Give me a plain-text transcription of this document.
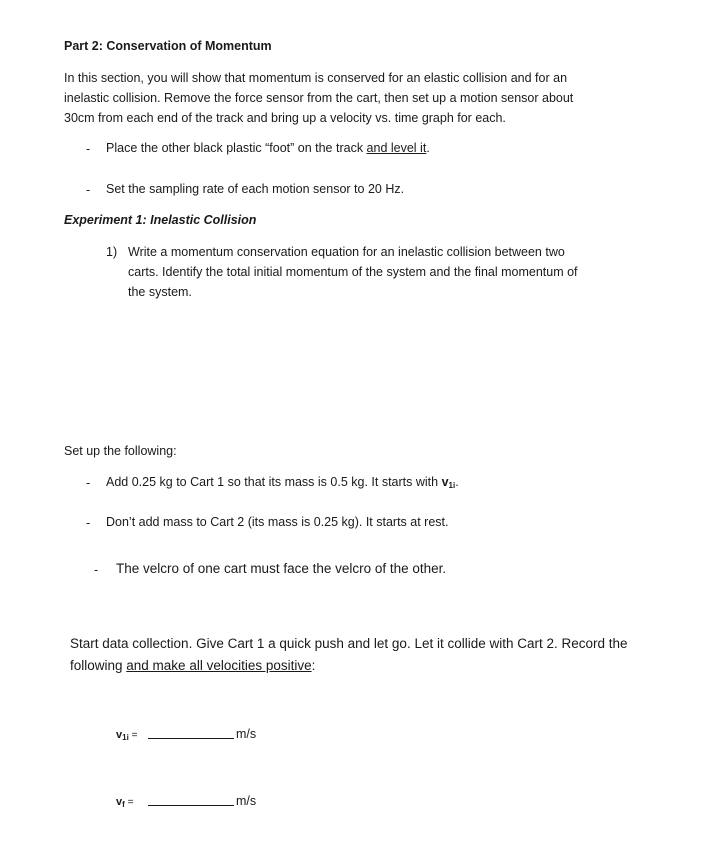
Part 2: Conservation of Momentum
In this section, you will show that momentum is conserved for an elastic collision and for an
inelastic collision. Remove the force sensor from the cart, then set up a motion sensor about
30cm from each end of the track and bring up a velocity vs. time graph for each.
- Place the other black plastic “foot” on the track and level it.
- Set the sampling rate of each motion sensor to 20 Hz.
Experiment 1: Inelastic Collision
1) Write a momentum conservation equation for an inelastic collision between two
carts. Identify the total initial momentum of the system and the final momentum of
the system.
Set up the following:
- Add 0.25 kg to Cart 1 so that its mass is 0.5 kg. It starts with $v_{1i}$.
- Don’t add mass to Cart 2 (its mass is 0.25 kg). It starts at rest.
- The velcro of one cart must face the velcro of the other.
Start data collection. Give Cart 1 a quick push and let go. Let it collide with Cart 2. Record the
following and make all velocities positive:
$v_{1i}$ =	m/s
$v_f$ =	m/s
